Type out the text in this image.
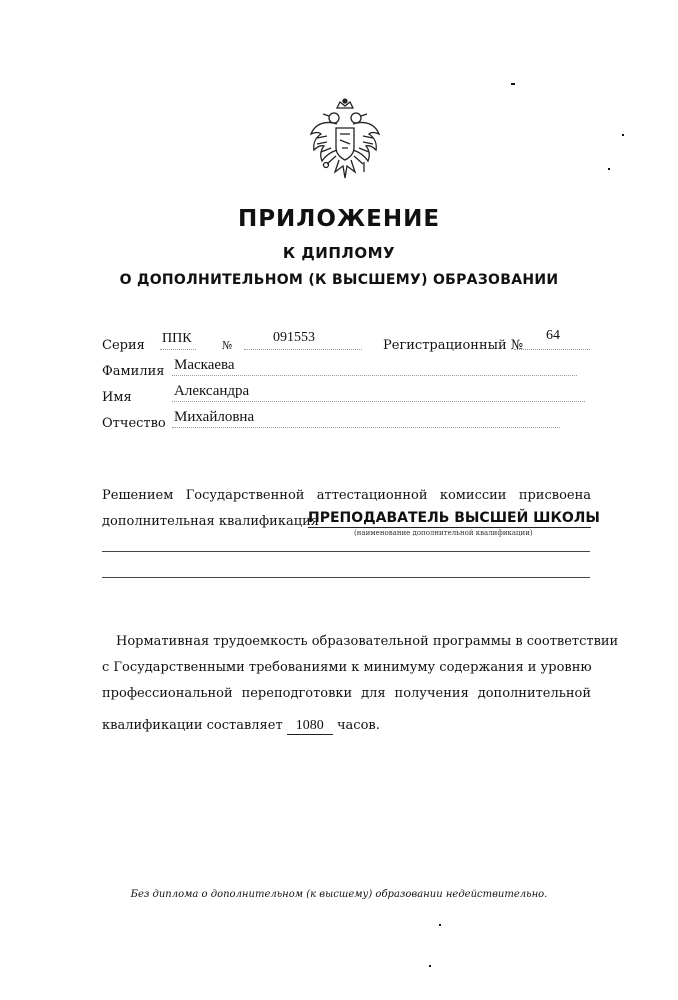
ПРИЛОЖЕНИЕ
К ДИПЛОМУ
О ДОПОЛНИТЕЛЬНОМ (К ВЫСШЕМУ) ОБРАЗОВАНИИ
Серия ППК	№
091553
Регистрационный №
64
Фамилия Маскаева
Имя	Александра
Отчество Михайловна
Решением Государственной аттестационной комиссии присвоена
дополнительная квалификация
ПРЕПОДАВАТЕЛЬ ВЫСШЕЙ ШКОЛЫ
(наименование дополнительной квалификации)
Нормативная трудоемкость образовательной программы в соответствии
с Государственными требованиями к минимуму содержания и уровню
профессиональной переподготовки для получения дополнительной
квалификации составляет 1080 часов.
Без диплома о дополнительном (к высшему) образовании недействительно.
